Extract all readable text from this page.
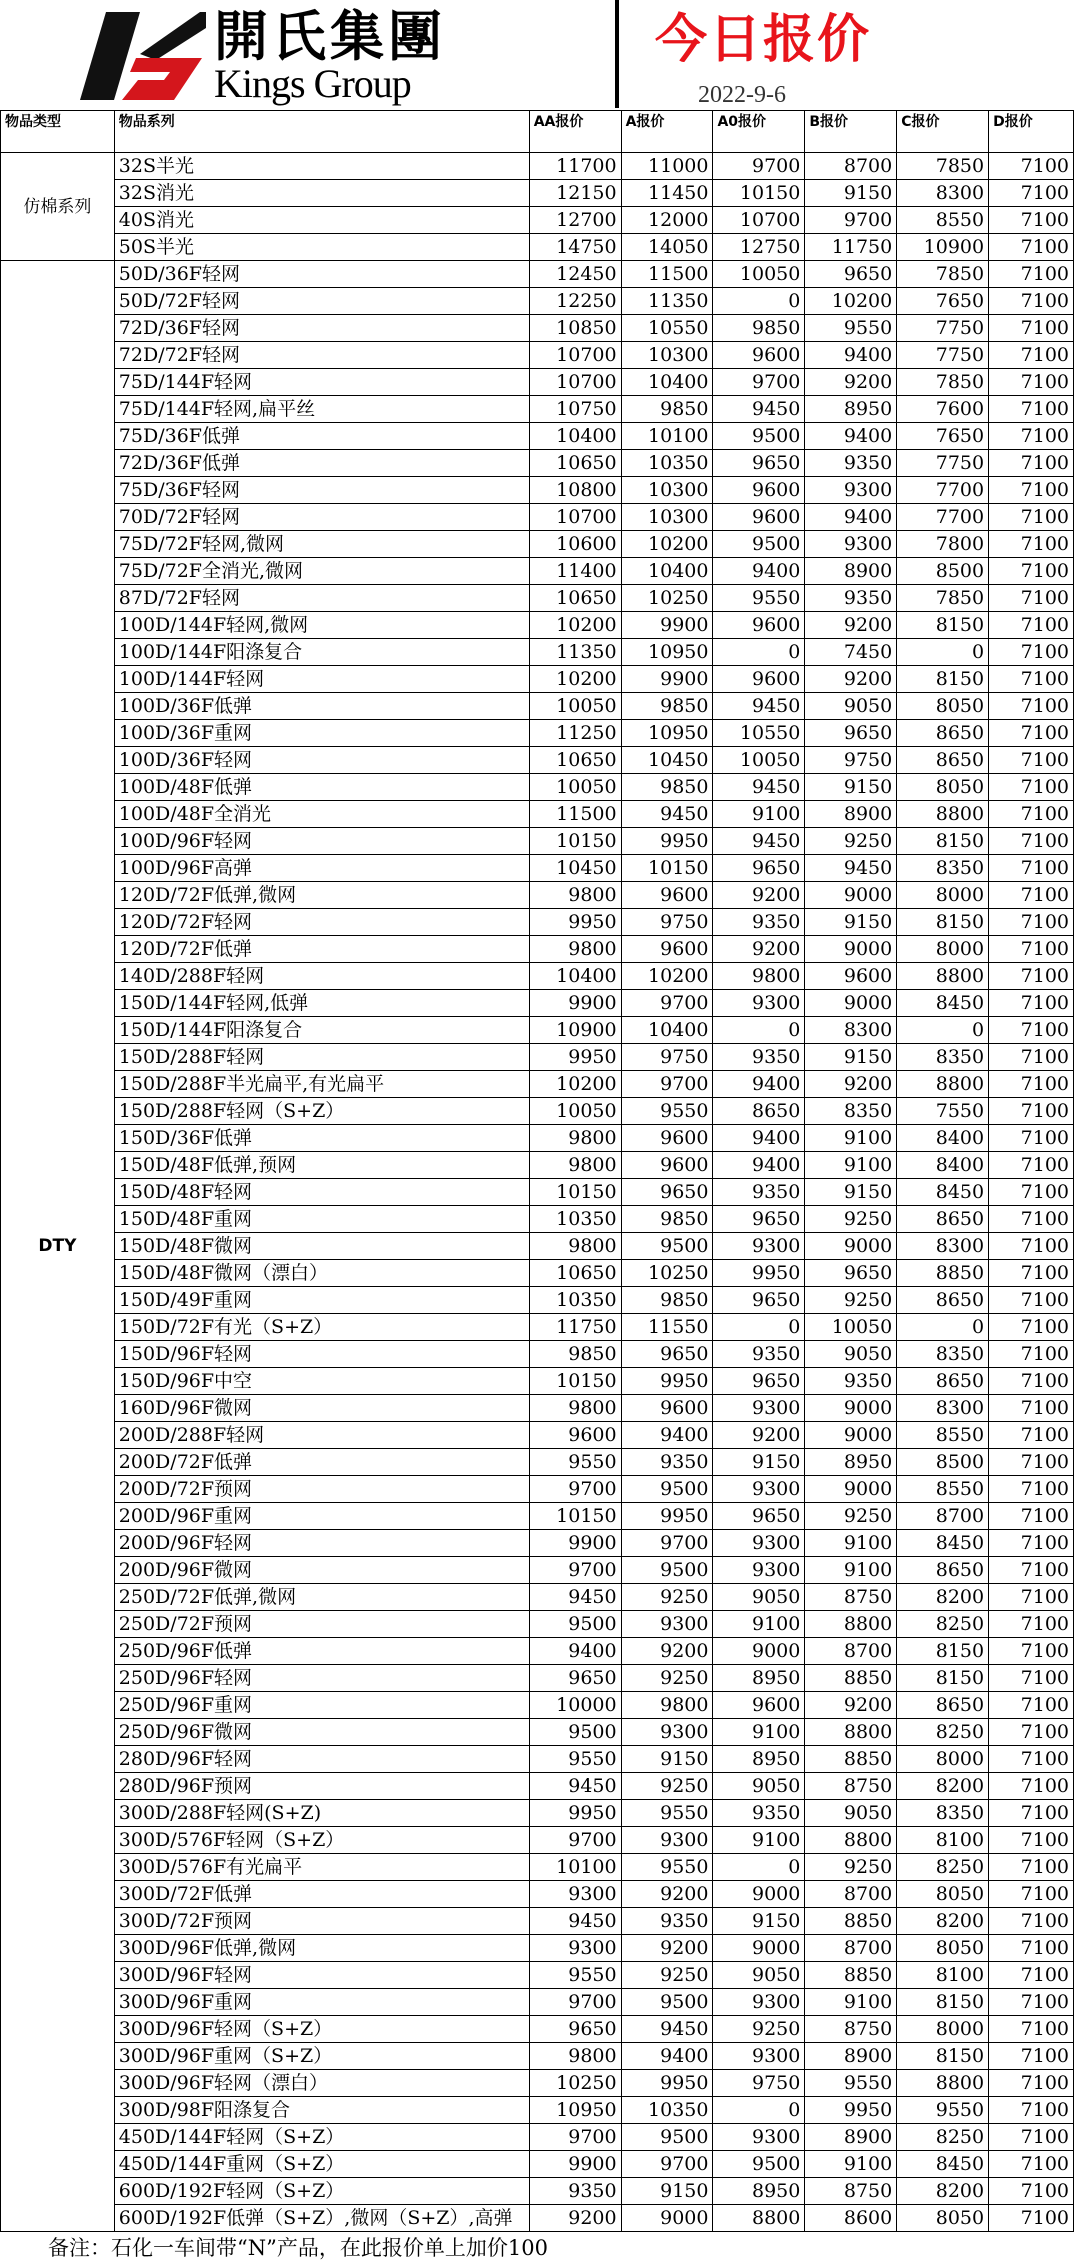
開氏集團
Kings Group
今日报价
2022-9-6
物品类型	物品系列	AA报价	A报价	A0报价	B报价	C报价	D报价
仿棉系列	32S半光	11700	11000	9700	8700	7850	7100
	32S消光	12150	11450	10150	9150	8300	7100
	40S消光	12700	12000	10700	9700	8550	7100
	50S半光	14750	14050	12750	11750	10900	7100
DTY	50D/36F轻网	12450	11500	10050	9650	7850	7100
	50D/72F轻网	12250	11350	0	10200	7650	7100
	72D/36F轻网	10850	10550	9850	9550	7750	7100
	72D/72F轻网	10700	10300	9600	9400	7750	7100
	75D/144F轻网	10700	10400	9700	9200	7850	7100
	75D/144F轻网,扁平丝	10750	9850	9450	8950	7600	7100
	75D/36F低弹	10400	10100	9500	9400	7650	7100
	72D/36F低弹	10650	10350	9650	9350	7750	7100
	75D/36F轻网	10800	10300	9600	9300	7700	7100
	70D/72F轻网	10700	10300	9600	9400	7700	7100
	75D/72F轻网,微网	10600	10200	9500	9300	7800	7100
	75D/72F全消光,微网	11400	10400	9400	8900	8500	7100
	87D/72F轻网	10650	10250	9550	9350	7850	7100
	100D/144F轻网,微网	10200	9900	9600	9200	8150	7100
	100D/144F阳涤复合	11350	10950	0	7450	0	7100
	100D/144F轻网	10200	9900	9600	9200	8150	7100
	100D/36F低弹	10050	9850	9450	9050	8050	7100
	100D/36F重网	11250	10950	10550	9650	8650	7100
	100D/36F轻网	10650	10450	10050	9750	8650	7100
	100D/48F低弹	10050	9850	9450	9150	8050	7100
	100D/48F全消光	11500	9450	9100	8900	8800	7100
	100D/96F轻网	10150	9950	9450	9250	8150	7100
	100D/96F高弹	10450	10150	9650	9450	8350	7100
	120D/72F低弹,微网	9800	9600	9200	9000	8000	7100
	120D/72F轻网	9950	9750	9350	9150	8150	7100
	120D/72F低弹	9800	9600	9200	9000	8000	7100
	140D/288F轻网	10400	10200	9800	9600	8800	7100
	150D/144F轻网,低弹	9900	9700	9300	9000	8450	7100
	150D/144F阳涤复合	10900	10400	0	8300	0	7100
	150D/288F轻网	9950	9750	9350	9150	8350	7100
	150D/288F半光扁平,有光扁平	10200	9700	9400	9200	8800	7100
	150D/288F轻网（S+Z）	10050	9550	8650	8350	7550	7100
	150D/36F低弹	9800	9600	9400	9100	8400	7100
	150D/48F低弹,预网	9800	9600	9400	9100	8400	7100
	150D/48F轻网	10150	9650	9350	9150	8450	7100
	150D/48F重网	10350	9850	9650	9250	8650	7100
	150D/48F微网	9800	9500	9300	9000	8300	7100
	150D/48F微网（漂白）	10650	10250	9950	9650	8850	7100
	150D/49F重网	10350	9850	9650	9250	8650	7100
	150D/72F有光（S+Z）	11750	11550	0	10050	0	7100
	150D/96F轻网	9850	9650	9350	9050	8350	7100
	150D/96F中空	10150	9950	9650	9350	8650	7100
	160D/96F微网	9800	9600	9300	9000	8300	7100
	200D/288F轻网	9600	9400	9200	9000	8550	7100
	200D/72F低弹	9550	9350	9150	8950	8500	7100
	200D/72F预网	9700	9500	9300	9000	8550	7100
	200D/96F重网	10150	9950	9650	9250	8700	7100
	200D/96F轻网	9900	9700	9300	9100	8450	7100
	200D/96F微网	9700	9500	9300	9100	8650	7100
	250D/72F低弹,微网	9450	9250	9050	8750	8200	7100
	250D/72F预网	9500	9300	9100	8800	8250	7100
	250D/96F低弹	9400	9200	9000	8700	8150	7100
	250D/96F轻网	9650	9250	8950	8850	8150	7100
	250D/96F重网	10000	9800	9600	9200	8650	7100
	250D/96F微网	9500	9300	9100	8800	8250	7100
	280D/96F轻网	9550	9150	8950	8850	8000	7100
	280D/96F预网	9450	9250	9050	8750	8200	7100
	300D/288F轻网(S+Z)	9950	9550	9350	9050	8350	7100
	300D/576F轻网（S+Z）	9700	9300	9100	8800	8100	7100
	300D/576F有光扁平	10100	9550	0	9250	8250	7100
	300D/72F低弹	9300	9200	9000	8700	8050	7100
	300D/72F预网	9450	9350	9150	8850	8200	7100
	300D/96F低弹,微网	9300	9200	9000	8700	8050	7100
	300D/96F轻网	9550	9250	9050	8850	8100	7100
	300D/96F重网	9700	9500	9300	9100	8150	7100
	300D/96F轻网（S+Z）	9650	9450	9250	8750	8000	7100
	300D/96F重网（S+Z）	9800	9400	9300	8900	8150	7100
	300D/96F轻网（漂白）	10250	9950	9750	9550	8800	7100
	300D/98F阳涤复合	10950	10350	0	9950	9550	7100
	450D/144F轻网（S+Z）	9700	9500	9300	8900	8250	7100
	450D/144F重网（S+Z）	9900	9700	9500	9100	8450	7100
	600D/192F轻网（S+Z）	9350	9150	8950	8750	8200	7100
	600D/192F低弹（S+Z）,微网（S+Z）,高弹	9200	9000	8800	8600	8050	7100
备注：石化一车间带“N”产品，在此报价单上加价100
